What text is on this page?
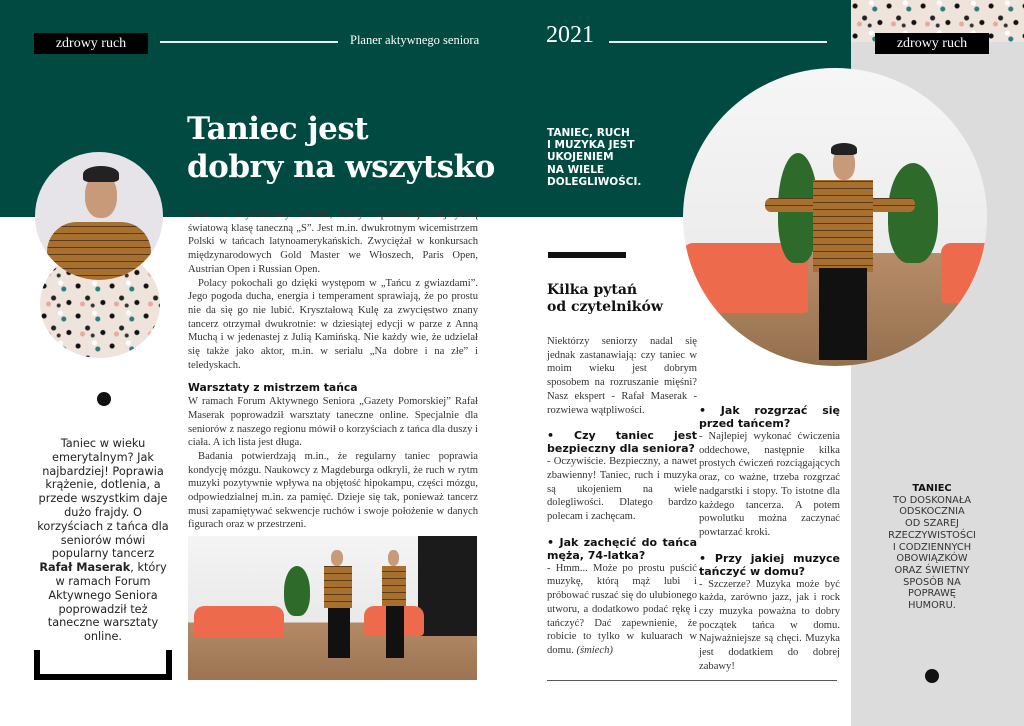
zdrowy ruch	Planer aktywnego seniora	2021	zdrowy ruch
Taniec jest
dobry na wszytsko
Taniec w wieku emerytalnym? Jak najbardziej! Poprawia krążenie, dotlenia, a przede wszystkim daje dużo frajdy. O korzyściach z tańca dla seniorów mówi popularny tancerz Rafał Maserak, który w ramach Forum Aktywnego Seniora poprowadził też taneczne warsztaty online.

Rafał to utytułowany tancerz, który reprezentuje najwyższą światową klasę taneczną „S”. Jest m.in. dwukrotnym wicemistrzem Polski w tańcach latynoamerykańskich. Zwyciężał w konkursach międzynarodowych Gold Master we Włoszech, Paris Open, Austrian Open i Russian Open.

Polacy pokochali go dzięki występom w „Tańcu z gwiazdami”. Jego pogoda ducha, energia i temperament sprawiają, że po prostu nie da się go nie lubić. Kryształową Kulę za zwycięstwo znany tancerz otrzymał dwukrotnie: w dziesiątej edycji w parze z Anną Muchą i w jedenastej z Julią Kamińską. Nie każdy wie, że udzielał się także jako aktor, m.in. w serialu „Na dobre i na złe” i teledyskach.

Warsztaty z mistrzem tańca

W ramach Forum Aktywnego Seniora „Gazety Pomorskiej” Rafał Maserak poprowadził warsztaty taneczne online. Specjalnie dla seniorów z naszego regionu mówił o korzyściach z tańca dla duszy i ciała. A ich lista jest długa.

Badania potwierdzają m.in., że regularny taniec poprawia kondycję mózgu. Naukowcy z Magdeburga odkryli, że ruch w rytm muzyki pozytywnie wpływa na objętość hipokampu, części mózgu, odpowiedzialnej m.in. za pamięć. Dzieje się tak, ponieważ tancerz musi zapamiętywać sekwencje ruchów i swoje położenie w danych figurach oraz w przestrzeni.

TANIEC, RUCH
I MUZYKA JEST
UKOJENIEM
NA WIELE
DOLEGLIWOŚCI.
Kilka pytań
od czytelników

Niektórzy seniorzy nadal się jednak zastanawiają: czy taniec w moim wieku jest dobrym sposobem na rozruszanie mięśni? Nasz ekspert - Rafał Maserak - rozwiewa wątpliwości.

• Czy taniec jest bezpieczny dla seniora?

- Oczywiście. Bezpieczny, a nawet zbawienny! Taniec, ruch i muzyka są ukojeniem na wiele dolegliwości. Dlatego bardzo polecam i zachęcam.

• Jak zachęcić do tańca męża, 74-latka?

- Hmm... Może po prostu puścić muzykę, którą mąż lubi i próbować ruszać się do ulubionego utworu, a dodatkowo podać rękę i tańczyć? Dać zapewnienie, że robicie to tylko w kuluarach w domu. (śmiech)

• Jak rozgrzać się przed tańcem?

- Najlepiej wykonać ćwiczenia oddechowe, następnie kilka prostych ćwiczeń rozciągających oraz, co ważne, trzeba rozgrzać nadgarstki i stopy. To istotne dla każdego tancerza. A potem powolutku można zaczynać powtarzać kroki.

• Przy jakiej muzyce tańczyć w domu?

- Szczerze? Muzyka może być każda, zarówno jazz, jak i rock czy muzyka poważna to dobry początek tańca w domu. Najważniejsze są chęci. Muzyka jest dodatkiem do dobrej zabawy!

TANIEC
TO DOSKONAŁA
ODSKOCZNIA
OD SZAREJ
RZECZYWISTOŚCI
I CODZIENNYCH
OBOWIĄZKÓW
ORAZ ŚWIETNY
SPOSÓB NA
POPRAWĘ
HUMORU.
